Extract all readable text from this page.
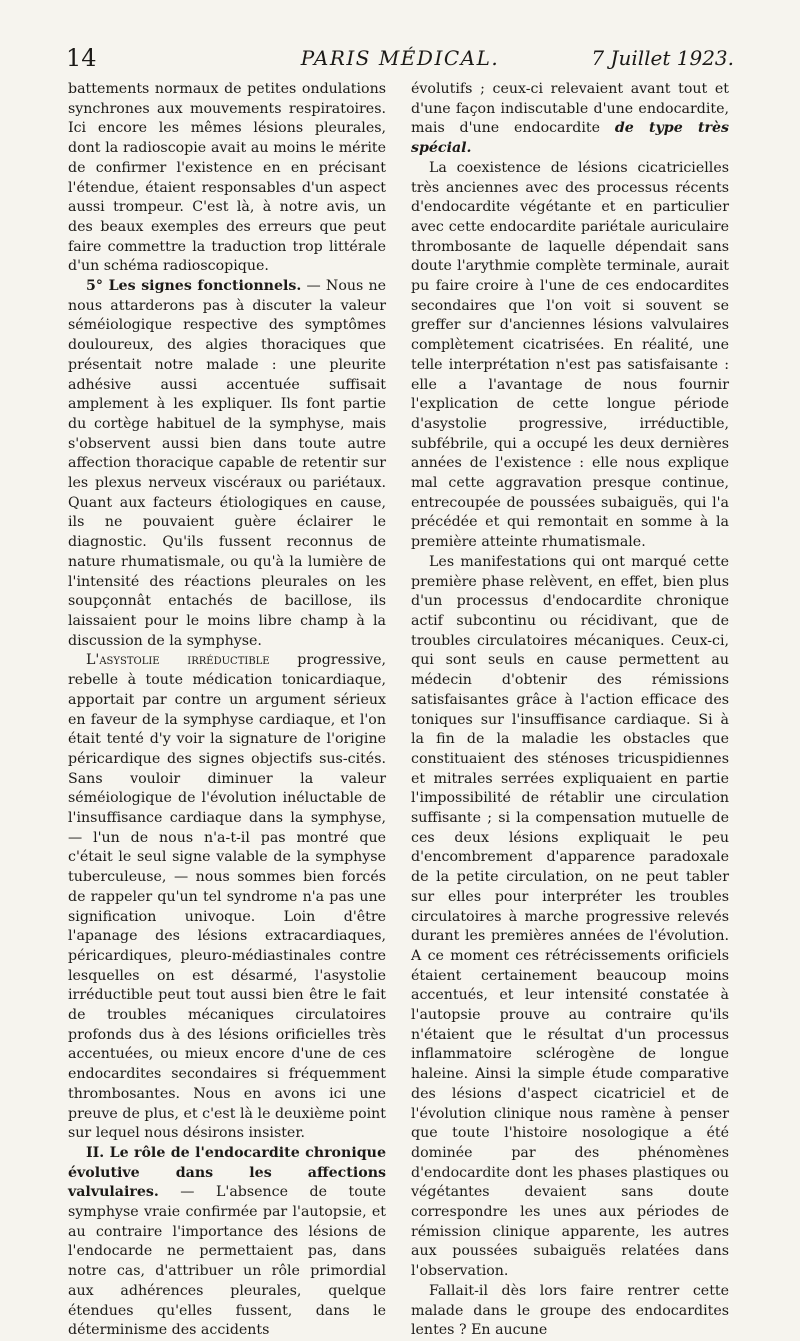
14	PARIS MÉDICAL.	7 Juillet 1923.

battements normaux de petites ondulations synchrones aux mouvements respiratoires. Ici encore les mêmes lésions pleurales, dont la radioscopie avait au moins le mérite de confirmer l'existence en en précisant l'étendue, étaient responsables d'un aspect aussi trompeur. C'est là, à notre avis, un des beaux exemples des erreurs que peut faire commettre la traduction trop littérale d'un schéma radioscopique.

5° Les signes fonctionnels. — Nous ne nous attarderons pas à discuter la valeur séméiologique respective des symptômes douloureux, des algies thoraciques que présentait notre malade : une pleurite adhésive aussi accentuée suffisait amplement à les expliquer. Ils font partie du cortège habituel de la symphyse, mais s'observent aussi bien dans toute autre affection thoracique capable de retentir sur les plexus nerveux viscéraux ou pariétaux. Quant aux facteurs étiologiques en cause, ils ne pouvaient guère éclairer le diagnostic. Qu'ils fussent reconnus de nature rhumatismale, ou qu'à la lumière de l'intensité des réactions pleurales on les soupçonnât entachés de bacillose, ils laissaient pour le moins libre champ à la discussion de la symphyse.

L'asystolie irréductible progressive, rebelle à toute médication tonicardiaque, apportait par contre un argument sérieux en faveur de la symphyse cardiaque, et l'on était tenté d'y voir la signature de l'origine péricardique des signes objectifs sus-cités. Sans vouloir diminuer la valeur séméiologique de l'évolution inéluctable de l'insuffisance cardiaque dans la symphyse, — l'un de nous n'a-t-il pas montré que c'était le seul signe valable de la symphyse tuberculeuse, — nous sommes bien forcés de rappeler qu'un tel syndrome n'a pas une signification univoque. Loin d'être l'apanage des lésions extracardiaques, péricardiques, pleuro-médiastinales contre lesquelles on est désarmé, l'asystolie irréductible peut tout aussi bien être le fait de troubles mécaniques circulatoires profonds dus à des lésions orificielles très accentuées, ou mieux encore d'une de ces endocardites secondaires si fréquemment thrombosantes. Nous en avons ici une preuve de plus, et c'est là le deuxième point sur lequel nous désirons insister.

II. Le rôle de l'endocardite chronique évolutive dans les affections valvulaires. — L'absence de toute symphyse vraie confirmée par l'autopsie, et au contraire l'importance des lésions de l'endocarde ne permettaient pas, dans notre cas, d'attribuer un rôle primordial aux adhérences pleurales, quelque étendues qu'elles fussent, dans le déterminisme des accidents

évolutifs ; ceux-ci relevaient avant tout et d'une façon indiscutable d'une endocardite, mais d'une endocardite de type très spécial.

La coexistence de lésions cicatricielles très anciennes avec des processus récents d'endocardite végétante et en particulier avec cette endocardite pariétale auriculaire thrombosante de laquelle dépendait sans doute l'arythmie complète terminale, aurait pu faire croire à l'une de ces endocardites secondaires que l'on voit si souvent se greffer sur d'anciennes lésions valvulaires complètement cicatrisées. En réalité, une telle interprétation n'est pas satisfaisante : elle a l'avantage de nous fournir l'explication de cette longue période d'asystolie progressive, irréductible, subfébrile, qui a occupé les deux dernières années de l'existence : elle nous explique mal cette aggravation presque continue, entrecoupée de poussées subaiguës, qui l'a précédée et qui remontait en somme à la première atteinte rhumatismale.

Les manifestations qui ont marqué cette première phase relèvent, en effet, bien plus d'un processus d'endocardite chronique actif subcontinu ou récidivant, que de troubles circulatoires mécaniques. Ceux-ci, qui sont seuls en cause permettent au médecin d'obtenir des rémissions satisfaisantes grâce à l'action efficace des toniques sur l'insuffisance cardiaque. Si à la fin de la maladie les obstacles que constituaient des sténoses tricuspidiennes et mitrales serrées expliquaient en partie l'impossibilité de rétablir une circulation suffisante ; si la compensation mutuelle de ces deux lésions expliquait le peu d'encombrement d'apparence paradoxale de la petite circulation, on ne peut tabler sur elles pour interpréter les troubles circulatoires à marche progressive relevés durant les premières années de l'évolution. A ce moment ces rétrécissements orificiels étaient certainement beaucoup moins accentués, et leur intensité constatée à l'autopsie prouve au contraire qu'ils n'étaient que le résultat d'un processus inflammatoire sclérogène de longue haleine. Ainsi la simple étude comparative des lésions d'aspect cicatriciel et de l'évolution clinique nous ramène à penser que toute l'histoire nosologique a été dominée par des phénomènes d'endocardite dont les phases plastiques ou végétantes devaient sans doute correspondre les unes aux périodes de rémission clinique apparente, les autres aux poussées subaiguës relatées dans l'observation.

Fallait-il dès lors faire rentrer cette malade dans le groupe des endocardites lentes ? En aucune
